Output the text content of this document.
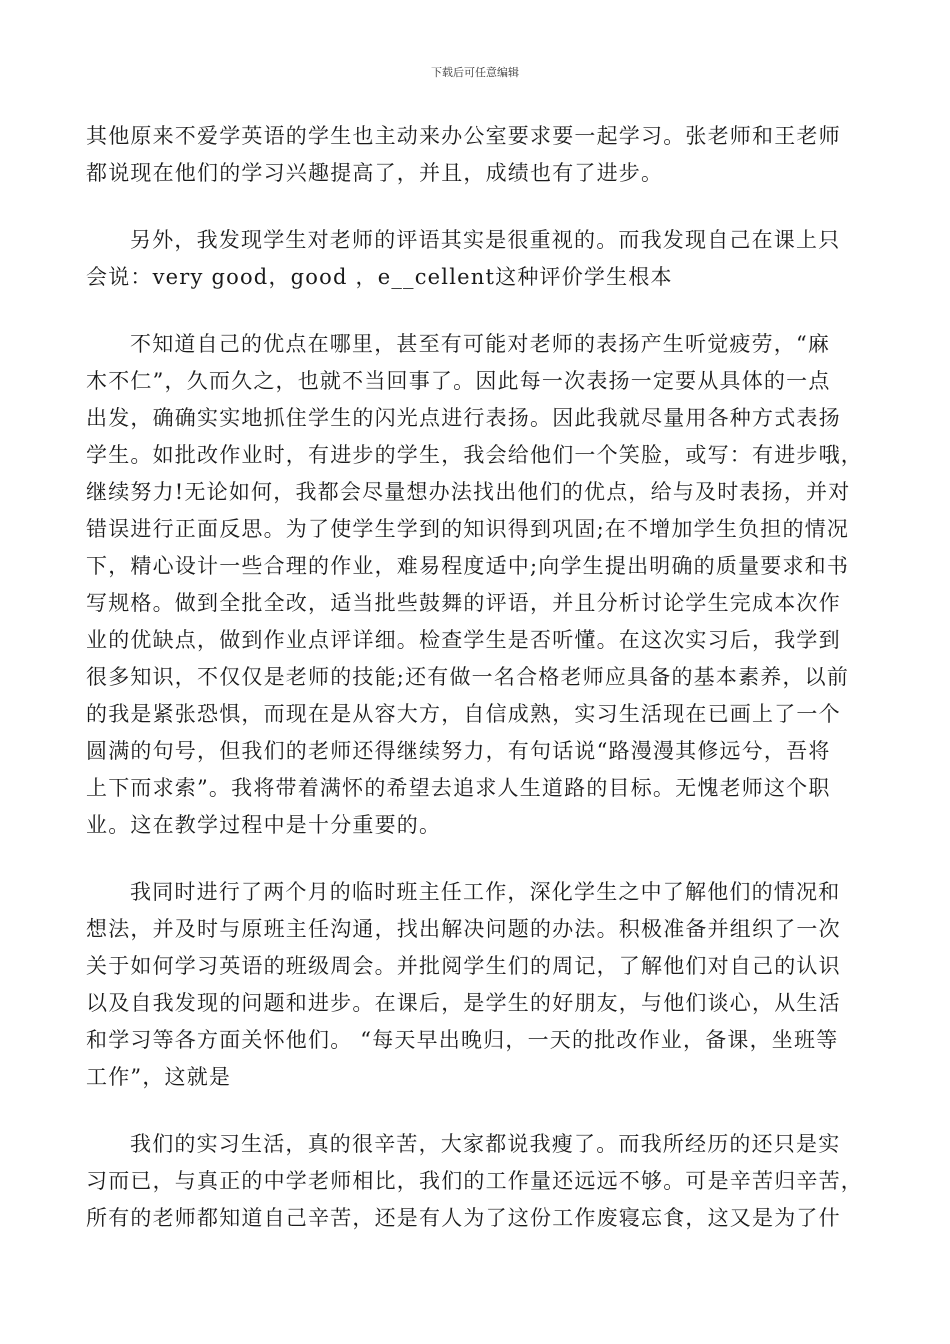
下载后可任意编辑

其他原来不爱学英语的学生也主动来办公室要求要一起学习。张老师和王老师
都说现在他们的学习兴趣提高了，并且，成绩也有了进步。

另外，我发现学生对老师的评语其实是很重视的。而我发现自己在课上只
会说：very good，good ，e__cellent这种评价学生根本

不知道自己的优点在哪里，甚至有可能对老师的表扬产生听觉疲劳，“麻
木不仁”，久而久之，也就不当回事了。因此每一次表扬一定要从具体的一点
出发，确确实实地抓住学生的闪光点进行表扬。因此我就尽量用各种方式表扬
学生。如批改作业时，有进步的学生，我会给他们一个笑脸，或写：有进步哦，
继续努力!无论如何，我都会尽量想办法找出他们的优点，给与及时表扬，并对
错误进行正面反思。为了使学生学到的知识得到巩固;在不增加学生负担的情况
下，精心设计一些合理的作业，难易程度适中;向学生提出明确的质量要求和书
写规格。做到全批全改，适当批些鼓舞的评语，并且分析讨论学生完成本次作
业的优缺点，做到作业点评详细。检查学生是否听懂。在这次实习后，我学到
很多知识，不仅仅是老师的技能;还有做一名合格老师应具备的基本素养，以前
的我是紧张恐惧，而现在是从容大方，自信成熟，实习生活现在已画上了一个
圆满的句号，但我们的老师还得继续努力，有句话说“路漫漫其修远兮，吾将
上下而求索”。我将带着满怀的希望去追求人生道路的目标。无愧老师这个职
业。这在教学过程中是十分重要的。

我同时进行了两个月的临时班主任工作，深化学生之中了解他们的情况和
想法，并及时与原班主任沟通，找出解决问题的办法。积极准备并组织了一次
关于如何学习英语的班级周会。并批阅学生们的周记，了解他们对自己的认识
以及自我发现的问题和进步。在课后，是学生的好朋友，与他们谈心，从生活
和学习等各方面关怀他们。 “每天早出晚归，一天的批改作业，备课，坐班等
工作”，这就是

我们的实习生活，真的很辛苦，大家都说我瘦了。而我所经历的还只是实
习而已，与真正的中学老师相比，我们的工作量还远远不够。可是辛苦归辛苦，
所有的老师都知道自己辛苦，还是有人为了这份工作废寝忘食，这又是为了什
